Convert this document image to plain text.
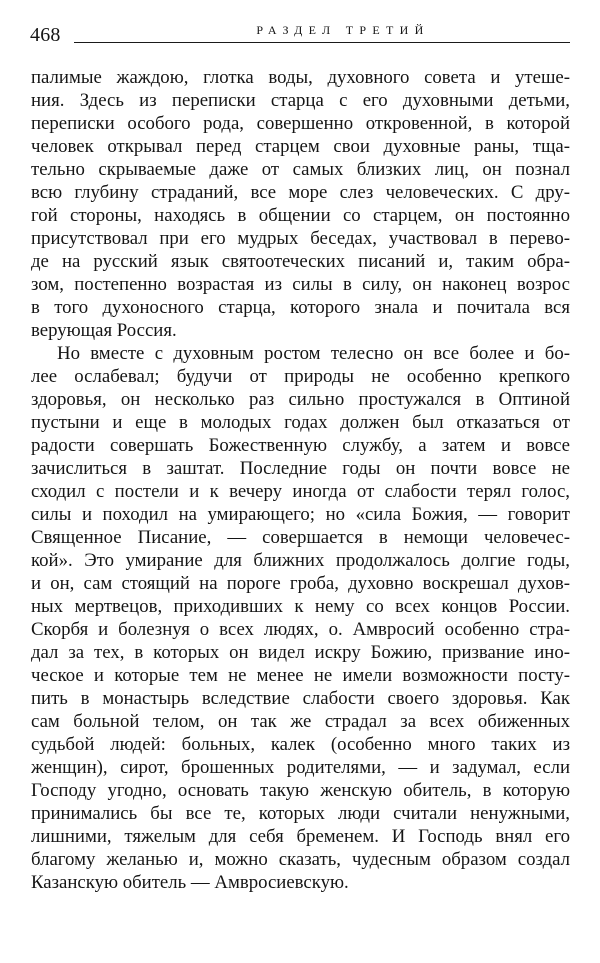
468	РАЗДЕЛ ТРЕТИЙ
палимые жаждою, глотка воды, духовного совета и утеше-
ния. Здесь из переписки старца с его духовными детьми,
переписки особого рода, совершенно откровенной, в которой
человек открывал перед старцем свои духовные раны, тща-
тельно скрываемые даже от самых близких лиц, он познал
всю глубину страданий, все море слез человеческих. С дру-
гой стороны, находясь в общении со старцем, он постоянно
присутствовал при его мудрых беседах, участвовал в перево-
де на русский язык святоотеческих писаний и, таким обра-
зом, постепенно возрастая из силы в силу, он наконец возрос
в того духоносного старца, которого знала и почитала вся
верующая Россия.
Но вместе с духовным ростом телесно он все более и бо-
лее ослабевал; будучи от природы не особенно крепкого
здоровья, он несколько раз сильно простужался в Оптиной
пустыни и еще в молодых годах должен был отказаться от
радости совершать Божественную службу, а затем и вовсе
зачислиться в заштат. Последние годы он почти вовсе не
сходил с постели и к вечеру иногда от слабости терял голос,
силы и походил на умирающего; но «сила Божия, — говорит
Священное Писание, — совершается в немощи человечес-
кой». Это умирание для ближних продолжалось долгие годы,
и он, сам стоящий на пороге гроба, духовно воскрешал духов-
ных мертвецов, приходивших к нему со всех концов России.
Скорбя и болезнуя о всех людях, о. Амвросий особенно стра-
дал за тех, в которых он видел искру Божию, призвание ино-
ческое и которые тем не менее не имели возможности посту-
пить в монастырь вследствие слабости своего здоровья. Как
сам больной телом, он так же страдал за всех обиженных
судьбой людей: больных, калек (особенно много таких из
женщин), сирот, брошенных родителями, — и задумал, если
Господу угодно, основать такую женскую обитель, в которую
принимались бы все те, которых люди считали ненужными,
лишними, тяжелым для себя бременем. И Господь внял его
благому желанью и, можно сказать, чудесным образом создал
Казанскую обитель — Амвросиевскую.
